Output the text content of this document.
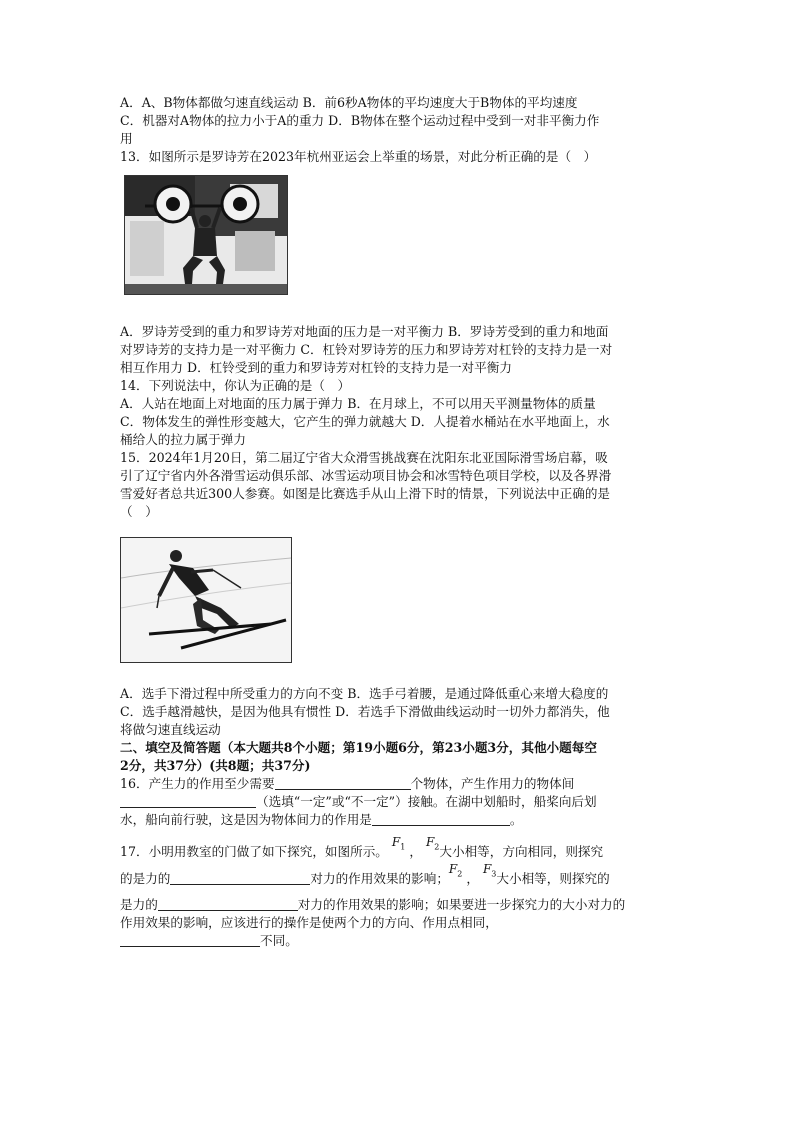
A．A、B物体都做匀速直线运动 B．前6秒A物体的平均速度大于B物体的平均速度

C．机器对A物体的拉力小于A的重力 D．B物体在整个运动过程中受到一对非平衡力作

用

13．如图所示是罗诗芳在2023年杭州亚运会上举重的场景，对此分析正确的是（　）

A．罗诗芳受到的重力和罗诗芳对地面的压力是一对平衡力 B．罗诗芳受到的重力和地面

对罗诗芳的支持力是一对平衡力 C．杠铃对罗诗芳的压力和罗诗芳对杠铃的支持力是一对

相互作用力 D．杠铃受到的重力和罗诗芳对杠铃的支持力是一对平衡力

14．下列说法中，你认为正确的是（　）

A．人站在地面上对地面的压力属于弹力 B．在月球上，不可以用天平测量物体的质量

C．物体发生的弹性形变越大，它产生的弹力就越大 D．人提着水桶站在水平地面上，水

桶给人的拉力属于弹力

15．2024年1月20日，第二届辽宁省大众滑雪挑战赛在沈阳东北亚国际滑雪场启幕，吸

引了辽宁省内外各滑雪运动俱乐部、冰雪运动项目协会和冰雪特色项目学校，以及各界滑

雪爱好者总共近300人参赛。如图是比赛选手从山上滑下时的情景，下列说法中正确的是

（　）

A．选手下滑过程中所受重力的方向不变 B．选手弓着腰，是通过降低重心来增大稳度的

C．选手越滑越快，是因为他具有惯性 D．若选手下滑做曲线运动时一切外力都消失，他

将做匀速直线运动

二、填空及简答题（本大题共8个小题；第19小题6分，第23小题3分，其他小题每空

2分，共37分）(共8题；共37分)

16．产生力的作用至少需要	个物体，产生作用力的物体间

（选填“一定”或“不一定”）接触。在湖中划船时，船桨向后划

水，船向前行驶，这是因为物体间力的作用是	。

17．小明用教室的门做了如下探究，如图所示。 $F_1$ ， $F_2$大小相等，方向相同，则探究

的是力的	对力的作用效果的影响；$F_2$ ， $F_3$大小相等，则探究的

是力的	对力的作用效果的影响；如果要进一步探究力的大小对力的

作用效果的影响，应该进行的操作是使两个力的方向、作用点相同，

不同。
